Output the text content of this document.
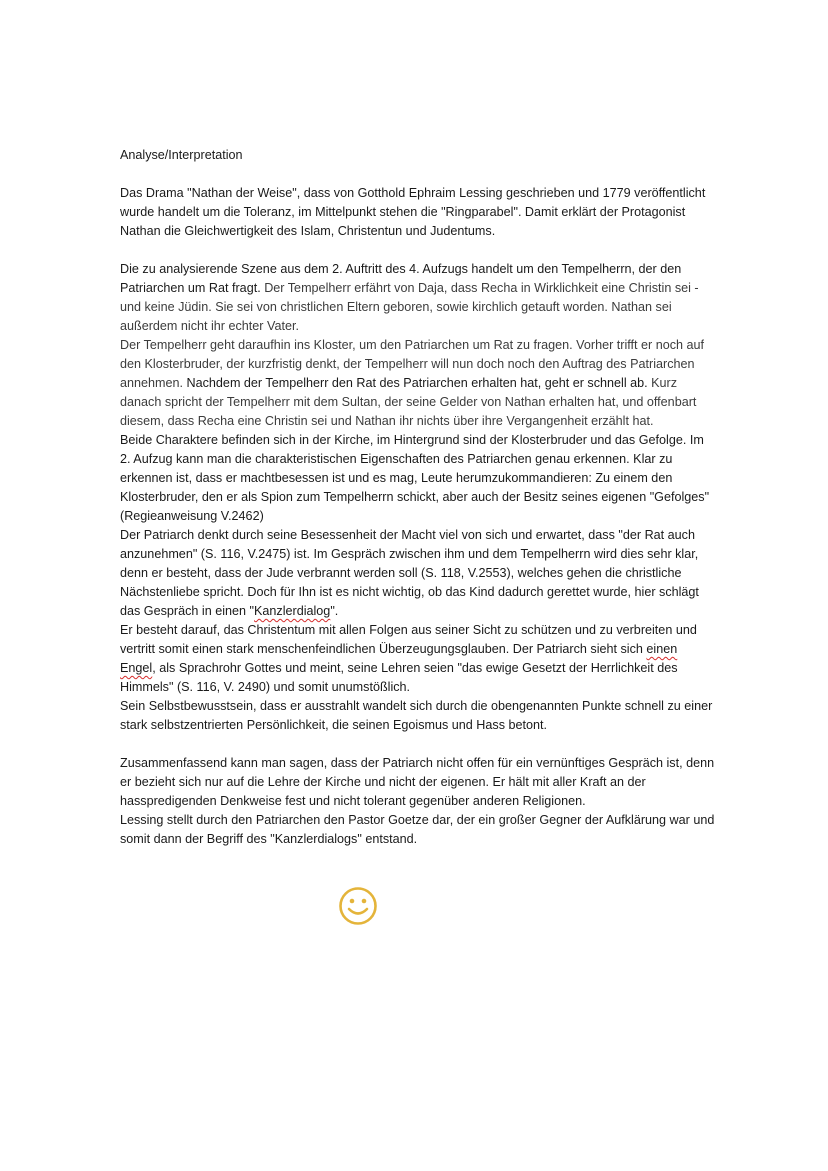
Analyse/Interpretation

Das Drama "Nathan der Weise", dass von Gotthold Ephraim Lessing geschrieben und 1779 veröffentlicht wurde handelt um die Toleranz, im Mittelpunkt stehen die "Ringparabel". Damit erklärt der Protagonist Nathan die Gleichwertigkeit des Islam, Christentun und Judentums.

Die zu analysierende Szene aus dem 2. Auftritt des 4. Aufzugs handelt um den Tempelherrn, der den Patriarchen um Rat fragt. Der Tempelherr erfährt von Daja, dass Recha in Wirklichkeit eine Christin sei - und keine Jüdin. Sie sei von christlichen Eltern geboren, sowie kirchlich getauft worden. Nathan sei außerdem nicht ihr echter Vater.

Der Tempelherr geht daraufhin ins Kloster, um den Patriarchen um Rat zu fragen. Vorher trifft er noch auf den Klosterbruder, der kurzfristig denkt, der Tempelherr will nun doch noch den Auftrag des Patriarchen annehmen. Nachdem der Tempelherr den Rat des Patriarchen erhalten hat, geht er schnell ab. Kurz danach spricht der Tempelherr mit dem Sultan, der seine Gelder von Nathan erhalten hat, und offenbart diesem, dass Recha eine Christin sei und Nathan ihr nichts über ihre Vergangenheit erzählt hat.

Beide Charaktere befinden sich in der Kirche, im Hintergrund sind der Klosterbruder und das Gefolge. Im 2. Aufzug kann man die charakteristischen Eigenschaften des Patriarchen genau erkennen. Klar zu erkennen ist, dass er machtbesessen ist und es mag, Leute herumzukommandieren: Zu einem den Klosterbruder, den er als Spion zum Tempelherrn schickt, aber auch der Besitz seines eigenen "Gefolges" (Regieanweisung V.2462)

Der Patriarch denkt durch seine Besessenheit der Macht viel von sich und erwartet, dass "der Rat auch anzunehmen" (S. 116, V.2475) ist. Im Gespräch zwischen ihm und dem Tempelherrn wird dies sehr klar, denn er besteht, dass der Jude verbrannt werden soll (S. 118, V.2553), welches gehen die christliche Nächstenliebe spricht. Doch für Ihn ist es nicht wichtig, ob das Kind dadurch gerettet wurde, hier schlägt das Gespräch in einen "Kanzlerdialog".

Er besteht darauf, das Christentum mit allen Folgen aus seiner Sicht zu schützen und zu verbreiten und vertritt somit einen stark menschenfeindlichen Überzeugungsglauben. Der Patriarch sieht sich einen Engel, als Sprachrohr Gottes und meint, seine Lehren seien "das ewige Gesetzt der Herrlichkeit des Himmels" (S. 116, V. 2490) und somit unumstößlich.

Sein Selbstbewusstsein, dass er ausstrahlt wandelt sich durch die obengenannten Punkte schnell zu einer stark selbstzentrierten Persönlichkeit, die seinen Egoismus und Hass betont.

Zusammenfassend kann man sagen, dass der Patriarch nicht offen für ein vernünftiges Gespräch ist, denn er bezieht sich nur auf die Lehre der Kirche und nicht der eigenen. Er hält mit aller Kraft an der hasspredigenden Denkweise fest und nicht tolerant gegenüber anderen Religionen.

Lessing stellt durch den Patriarchen den Pastor Goetze dar, der ein großer Gegner der Aufklärung war und somit dann der Begriff des "Kanzlerdialogs" entstand.
